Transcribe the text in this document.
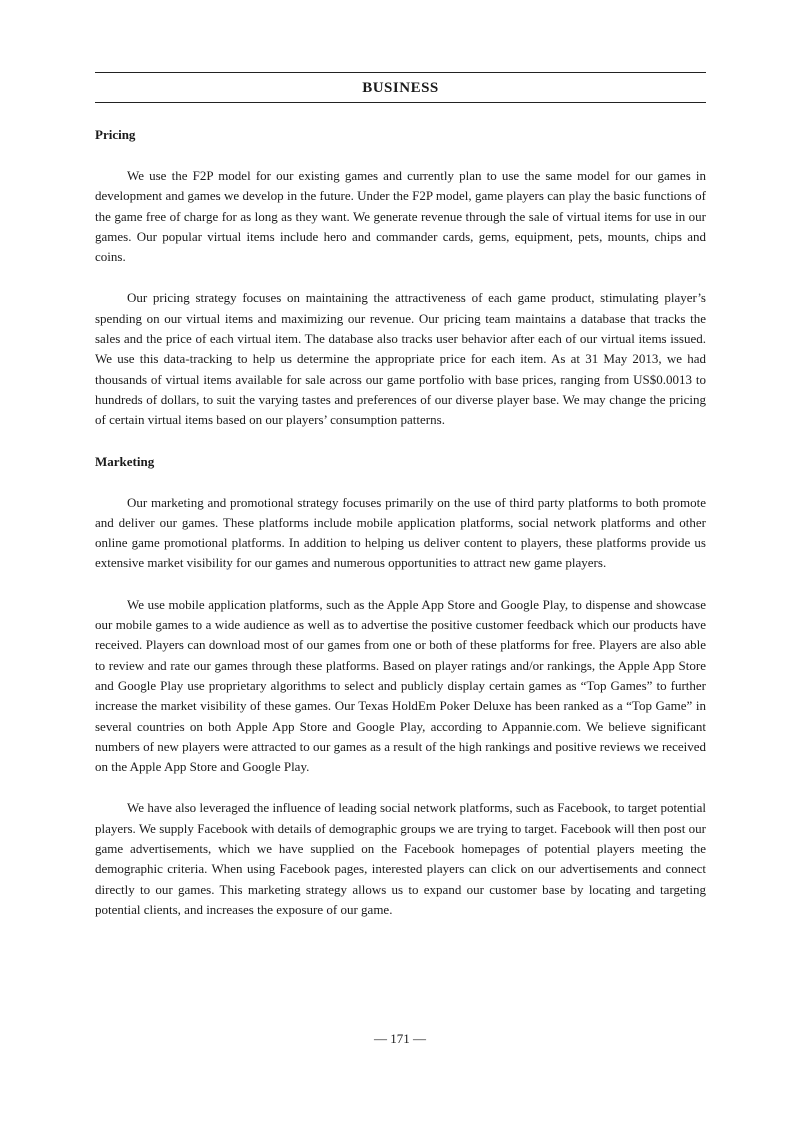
BUSINESS

Pricing

We use the F2P model for our existing games and currently plan to use the same model for our games in development and games we develop in the future. Under the F2P model, game players can play the basic functions of the game free of charge for as long as they want. We generate revenue through the sale of virtual items for use in our games. Our popular virtual items include hero and commander cards, gems, equipment, pets, mounts, chips and coins.

Our pricing strategy focuses on maintaining the attractiveness of each game product, stimulating player’s spending on our virtual items and maximizing our revenue. Our pricing team maintains a database that tracks the sales and the price of each virtual item. The database also tracks user behavior after each of our virtual items issued. We use this data-tracking to help us determine the appropriate price for each item. As at 31 May 2013, we had thousands of virtual items available for sale across our game portfolio with base prices, ranging from US$0.0013 to hundreds of dollars, to suit the varying tastes and preferences of our diverse player base. We may change the pricing of certain virtual items based on our players’ consumption patterns.

Marketing

Our marketing and promotional strategy focuses primarily on the use of third party platforms to both promote and deliver our games. These platforms include mobile application platforms, social network platforms and other online game promotional platforms. In addition to helping us deliver content to players, these platforms provide us extensive market visibility for our games and numerous opportunities to attract new game players.

We use mobile application platforms, such as the Apple App Store and Google Play, to dispense and showcase our mobile games to a wide audience as well as to advertise the positive customer feedback which our products have received. Players can download most of our games from one or both of these platforms for free. Players are also able to review and rate our games through these platforms. Based on player ratings and/or rankings, the Apple App Store and Google Play use proprietary algorithms to select and publicly display certain games as “Top Games” to further increase the market visibility of these games. Our Texas HoldEm Poker Deluxe has been ranked as a “Top Game” in several countries on both Apple App Store and Google Play, according to Appannie.com. We believe significant numbers of new players were attracted to our games as a result of the high rankings and positive reviews we received on the Apple App Store and Google Play.

We have also leveraged the influence of leading social network platforms, such as Facebook, to target potential players. We supply Facebook with details of demographic groups we are trying to target. Facebook will then post our game advertisements, which we have supplied on the Facebook homepages of potential players meeting the demographic criteria. When using Facebook pages, interested players can click on our advertisements and connect directly to our games. This marketing strategy allows us to expand our customer base by locating and targeting potential clients, and increases the exposure of our game.

— 171 —
